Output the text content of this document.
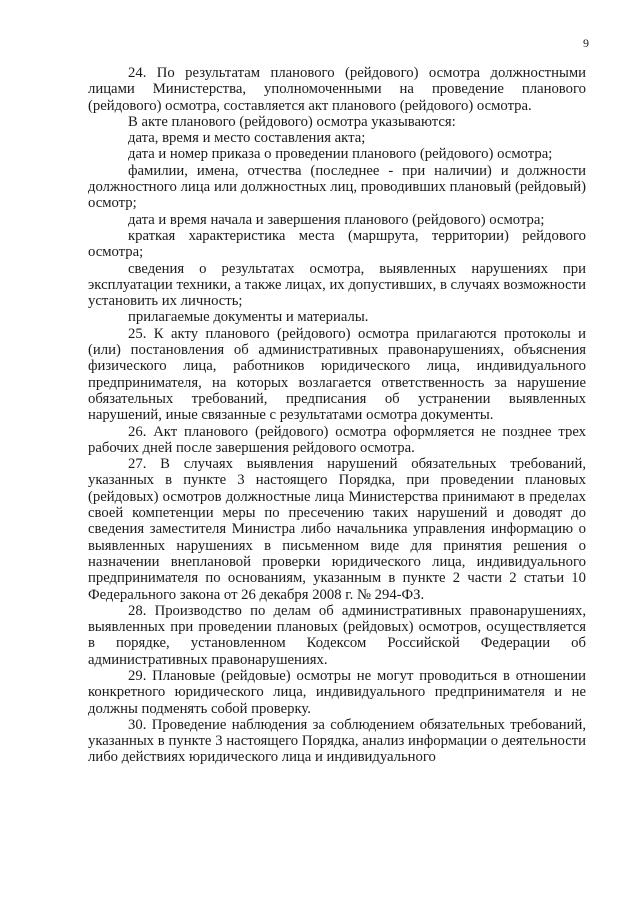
9

24. По результатам планового (рейдового) осмотра должностными лицами Министерства, уполномоченными на проведение планового (рейдового) осмотра, составляется акт планового (рейдового) осмотра.

В акте планового (рейдового) осмотра указываются:

дата, время и место составления акта;

дата и номер приказа о проведении планового (рейдового) осмотра;

фамилии, имена, отчества (последнее - при наличии) и должности должностного лица или должностных лиц, проводивших плановый (рейдовый) осмотр;

дата и время начала и завершения планового (рейдового) осмотра;

краткая характеристика места (маршрута, территории) рейдового осмотра;

сведения о результатах осмотра, выявленных нарушениях при эксплуатации техники, а также лицах, их допустивших, в случаях возможности установить их личность;

прилагаемые документы и материалы.

25. К акту планового (рейдового) осмотра прилагаются протоколы и (или) постановления об административных правонарушениях, объяснения физического лица, работников юридического лица, индивидуального предпринимателя, на которых возлагается ответственность за нарушение обязательных требований, предписания об устранении выявленных нарушений, иные связанные с результатами осмотра документы.

26. Акт планового (рейдового) осмотра оформляется не позднее трех рабочих дней после завершения рейдового осмотра.

27. В случаях выявления нарушений обязательных требований, указанных в пункте 3 настоящего Порядка, при проведении плановых (рейдовых) осмотров должностные лица Министерства принимают в пределах своей компетенции меры по пресечению таких нарушений и доводят до сведения заместителя Министра либо начальника управления информацию о выявленных нарушениях в письменном виде для принятия решения о назначении внеплановой проверки юридического лица, индивидуального предпринимателя по основаниям, указанным в пункте 2 части 2 статьи 10 Федерального закона от 26 декабря 2008 г. № 294-ФЗ.

28. Производство по делам об административных правонарушениях, выявленных при проведении плановых (рейдовых) осмотров, осуществляется в порядке, установленном Кодексом Российской Федерации об административных правонарушениях.

29. Плановые (рейдовые) осмотры не могут проводиться в отношении конкретного юридического лица, индивидуального предпринимателя и не должны подменять собой проверку.

30. Проведение наблюдения за соблюдением обязательных требований, указанных в пункте 3 настоящего Порядка, анализ информации о деятельности либо действиях юридического лица и индивидуального
